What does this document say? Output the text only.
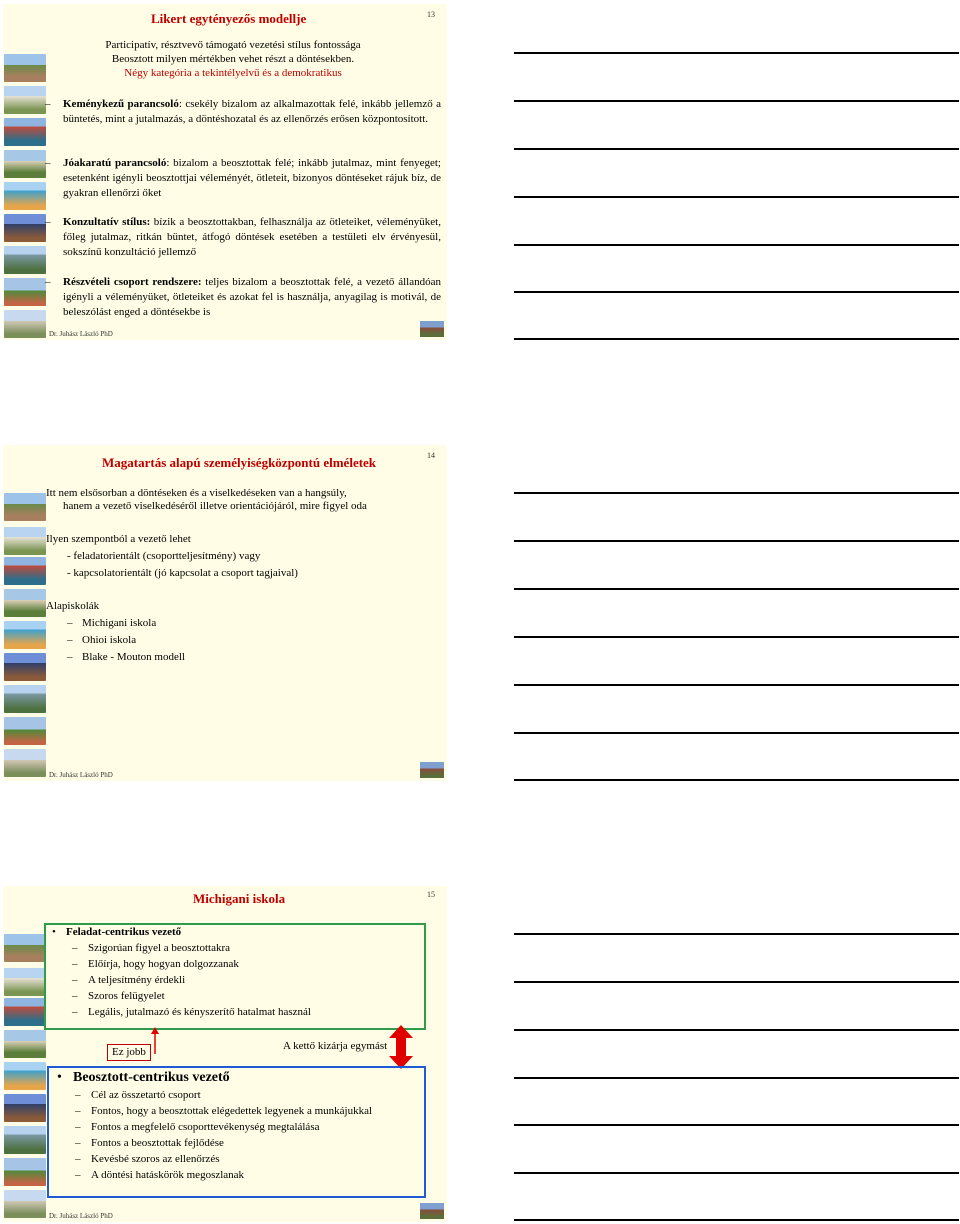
Likert egytényezős modellje	13
Participatív, résztvevő támogató vezetési stílus fontossága
Beosztott milyen mértékben vehet részt a döntésekben.
Négy kategória a tekintélyelvű és a demokratikus
– Keménykezű parancsoló: csekély bizalom az alkalmazottak felé, inkább jellemző a büntetés, mint a jutalmazás, a döntéshozatal és az ellenőrzés erősen központosított.
– Jóakaratú parancsoló: bizalom a beosztottak felé; inkább jutalmaz, mint fenyeget; esetenként igényli beosztottjai véleményét, ötleteit, bizonyos döntéseket rájuk bíz, de gyakran ellenőrzi őket
– Konzultatív stílus: bízik a beosztottakban, felhasználja az ötleteiket, véleményüket, főleg jutalmaz, ritkán büntet, átfogó döntések esetében a testületi elv érvényesül, sokszínű konzultáció jellemző
– Részvételi csoport rendszere: teljes bizalom a beosztottak felé, a vezető állandóan igényli a véleményüket, ötleteiket és azokat fel is használja, anyagilag is motivál, de beleszólást enged a döntésekbe is
Dr. Juhász László PhD
Magatartás alapú személyiségközpontú elméletek	14
Itt nem elsősorban a döntéseken és a viselkedéseken van a hangsúly,
hanem a vezető viselkedéséről illetve orientációjáról, mire figyel oda
Ilyen szempontból a vezető lehet
- feladatorientált (csoportteljesítmény) vagy
- kapcsolatorientált (jó kapcsolat a csoport tagjaival)
Alapiskolák
– Michigani iskola
– Ohioi iskola
– Blake - Mouton modell
Dr. Juhász László PhD
Michigani iskola	15
• Feladat-centrikus vezető
– Szigorúan figyel a beosztottakra
– Előírja, hogy hogyan dolgozzanak
– A teljesítmény érdekli
– Szoros felügyelet
– Legális, jutalmazó és kényszerítő hatalmat használ
Ez jobb	A kettő kizárja egymást
• Beosztott-centrikus vezető
– Cél az összetartó csoport
– Fontos, hogy a beosztottak elégedettek legyenek a munkájukkal
– Fontos a megfelelő csoporttevékenység megtalálása
– Fontos a beosztottak fejlődése
– Kevésbé szoros az ellenőrzés
– A döntési hatáskörök megoszlanak
Dr. Juhász László PhD
